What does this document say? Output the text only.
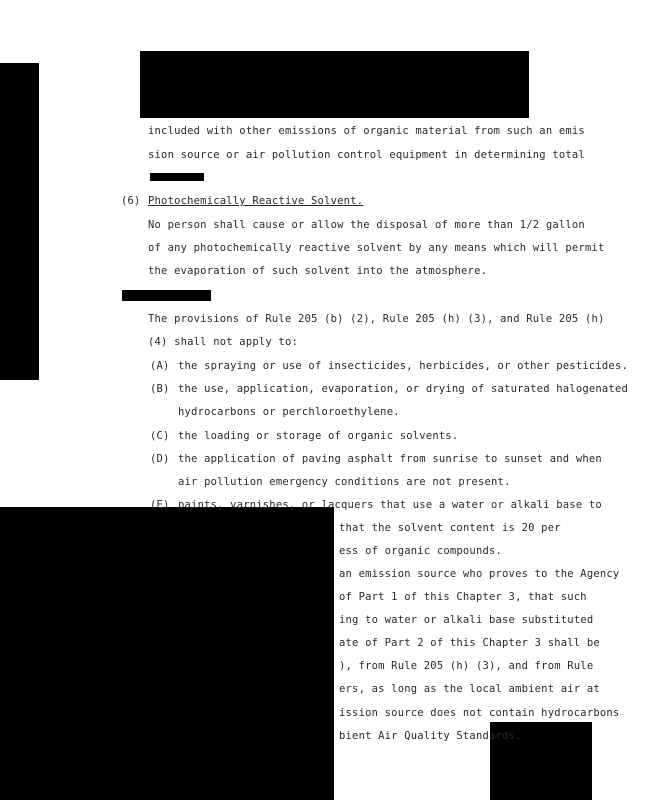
included with other emissions of organic material from such an emis
sion source or air pollution control equipment in determining total
(6) Photochemically Reactive Solvent.
No person shall cause or allow the disposal of more than 1/2 gallon
of any photochemically reactive solvent by any means which will permit
the evaporation of such solvent into the atmosphere.
The provisions of Rule 205 (b) (2), Rule 205 (h) (3), and Rule 205 (h)
(4) shall not apply to:
(A) the spraying or use of insecticides, herbicides, or other pesticides.
(B) the use, application, evaporation, or drying of saturated halogenated
hydrocarbons or perchloroethylene.
(C) the loading or storage of organic solvents.
(D) the application of paving asphalt from sunrise to sunset and when
air pollution emergency conditions are not present.
(E) paints, varnishes, or lacquers that use a water or alkali base to
that the solvent content is 20 per
ess of organic compounds.
an emission source who proves to the Agency
of Part 1 of this Chapter 3, that such
ing to water or alkali base substituted
ate of Part 2 of this Chapter 3 shall be
), from Rule 205 (h) (3), and from Rule
ers, as long as the local ambient air at
ission source does not contain hydrocarbons
bient Air Quality Standards.
